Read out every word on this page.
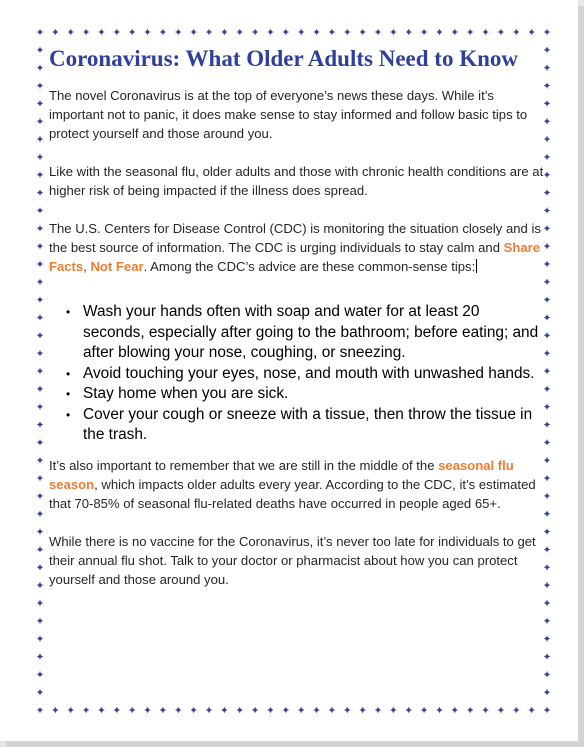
Coronavirus: What Older Adults Need to Know

The novel Coronavirus is at the top of everyone’s news these days. While it’s important not to panic, it does make sense to stay informed and follow basic tips to protect yourself and those around you.

Like with the seasonal flu, older adults and those with chronic health conditions are at higher risk of being impacted if the illness does spread.

The U.S. Centers for Disease Control (CDC) is monitoring the situation closely and is the best source of information. The CDC is urging individuals to stay calm and Share Facts, Not Fear. Among the CDC’s advice are these common-sense tips:

• Wash your hands often with soap and water for at least 20 seconds, especially after going to the bathroom; before eating; and after blowing your nose, coughing, or sneezing.
• Avoid touching your eyes, nose, and mouth with unwashed hands.
• Stay home when you are sick.
• Cover your cough or sneeze with a tissue, then throw the tissue in the trash.

It’s also important to remember that we are still in the middle of the seasonal flu season, which impacts older adults every year. According to the CDC, it’s estimated that 70-85% of seasonal flu-related deaths have occurred in people aged 65+.

While there is no vaccine for the Coronavirus, it’s never too late for individuals to get their annual flu shot. Talk to your doctor or pharmacist about how you can protect yourself and those around you.
